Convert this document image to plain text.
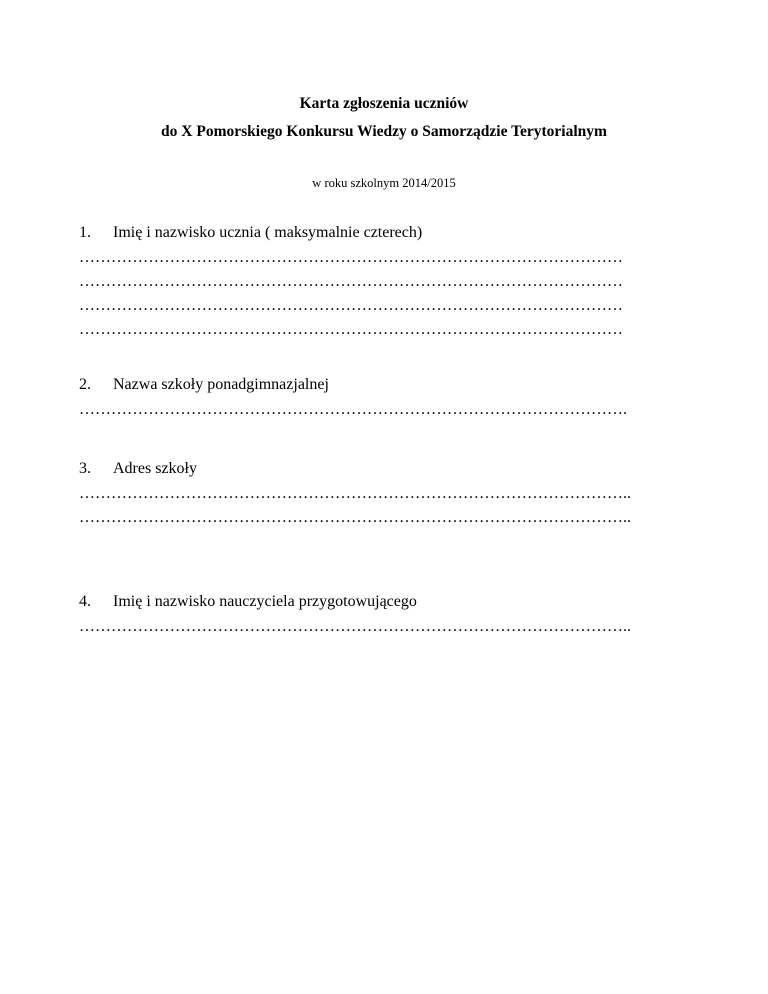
Karta zgłoszenia uczniów
do X Pomorskiego Konkursu Wiedzy o Samorządzie Terytorialnym
w roku szkolnym 2014/2015
1. Imię i nazwisko ucznia ( maksymalnie czterech)
…………………………………………………………………………………………
…………………………………………………………………………………………
…………………………………………………………………………………………
…………………………………………………………………………………………
2. Nazwa szkoły ponadgimnazjalnej
………………………………………………………………………………………….
3. Adres szkoły
…………………………………………………………………………………………..
…………………………………………………………………………………………..
4. Imię i nazwisko nauczyciela przygotowującego
…………………………………………………………………………………………..
